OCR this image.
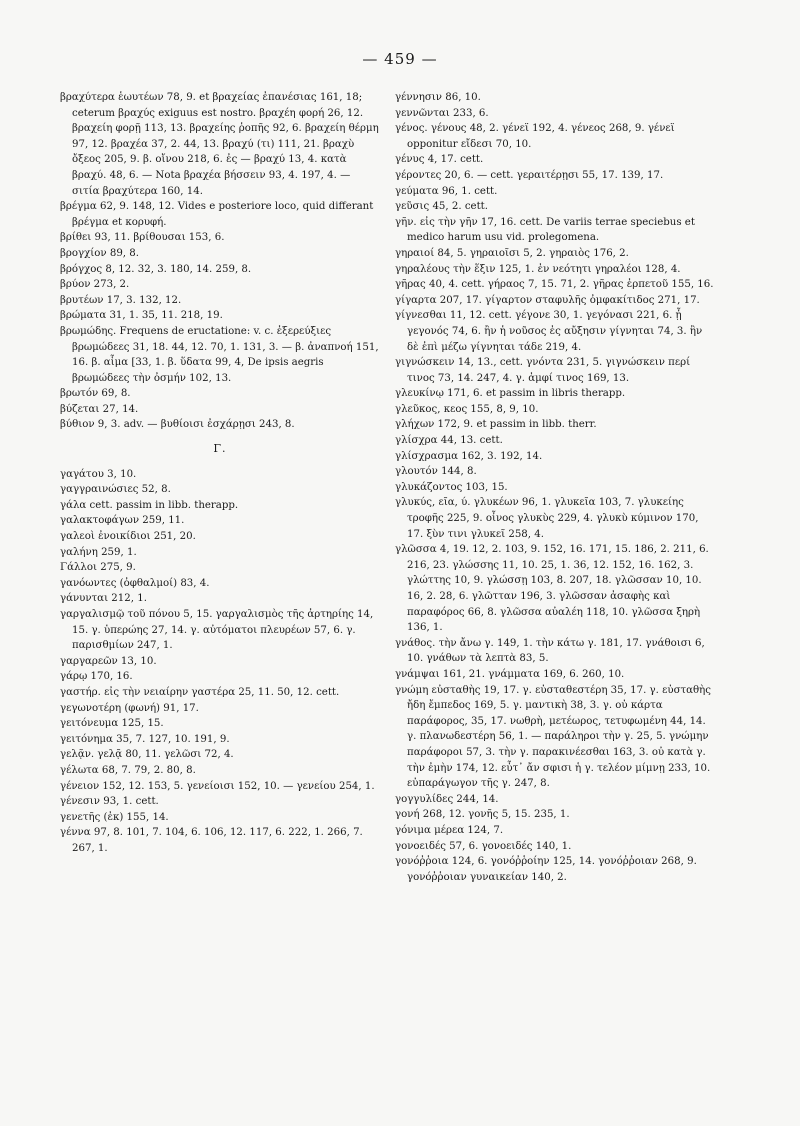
— 459 —

βραχύτερα ἑωυτέων 78, 9. et βραχείας ἐπανέσιας 161, 18; ceterum βραχύς exiguus est nostro. βραχέη φορή 26, 12. βραχείη φορῇ 113, 13. βραχείης ῥοπῆς 92, 6. βραχείη θέρμη 97, 12. βραχέα 37, 2. 44, 13. βραχύ (τι) 111, 21. βραχὺ ὄξεος 205, 9. β. οἴνου 218, 6. ἐς — βραχύ 13, 4. κατὰ βραχύ. 48, 6. — Nota βραχέα βήσσειν 93, 4. 197, 4. — σιτία βραχύτερα 160, 14.

βρέγμα 62, 9. 148, 12. Vides e posteriore loco, quid differant βρέγμα et κορυφή.

βρίθει 93, 11. βρίθουσαι 153, 6.

βρογχίον 89, 8.

βρόγχος 8, 12. 32, 3. 180, 14. 259, 8.

βρύον 273, 2.

βρυτέων 17, 3. 132, 12.

βρώματα 31, 1. 35, 11. 218, 19.

βρωμώδης. Frequens de eructatione: v. c. ἐξερεύξιες βρωμώδεες 31, 18. 44, 12. 70, 1. 131, 3. — β. ἀναπνοή 151, 16. β. αἷμα [33, 1. β. ὕδατα 99, 4, De ipsis aegris βρωμώδεες τὴν ὀσμήν 102, 13.

βρωτόν 69, 8.

βύζεται 27, 14.

βύθιον 9, 3. adv. — βυθίοισι ἐσχάρῃσι 243, 8.

Γ.

γαγάτου 3, 10.

γαγγραινώσιες 52, 8.

γάλα cett. passim in libb. therapp.

γαλακτοφάγων 259, 11.

γαλεοὶ ἐνοικίδιοι 251, 20.

γαλήνη 259, 1.

Γάλλοι 275, 9.

γανόωντες (ὀφθαλμοί) 83, 4.

γάνυνται 212, 1.

γαργαλισμῷ τοῦ πόνου 5, 15. γαργαλισμὸς τῆς ἀρτηρίης 14, 15. γ. ὑπερώης 27, 14. γ. αὐτόματοι πλευρέων 57, 6. γ. παρισθμίων 247, 1.

γαργαρεῶν 13, 10.

γάρῳ 170, 16.

γαστήρ. εἰς τὴν νειαίρην γαστέρα 25, 11. 50, 12. cett.

γεγωνοτέρη (φωνή) 91, 17.

γειτόνευμα 125, 15.

γειτόνημα 35, 7. 127, 10. 191, 9.

γελᾷν. γελᾷ 80, 11. γελῶσι 72, 4.

γέλωτα 68, 7. 79, 2. 80, 8.

γένειον 152, 12. 153, 5. γενείοισι 152, 10. — γενείου 254, 1.

γένεσιν 93, 1. cett.

γενετῆς (ἐκ) 155, 14.

γέννα 97, 8. 101, 7. 104, 6. 106, 12. 117, 6. 222, 1. 266, 7. 267, 1.

γέννησιν 86, 10.

γεννῶνται 233, 6.

γένος. γένους 48, 2. γένεϊ 192, 4. γένεος 268, 9. γένεϊ opponitur εἴδεσι 70, 10.

γένυς 4, 17. cett.

γέροντες 20, 6. — cett. γεραιτέρῃσι 55, 17. 139, 17.

γεύματα 96, 1. cett.

γεῦσις 45, 2. cett.

γῆν. εἰς τὴν γῆν 17, 16. cett. De variis terrae speciebus et medico harum usu vid. prolegomena.

γηραιοί 84, 5. γηραιοῖσι 5, 2. γηραιὸς 176, 2.

γηραλέους τὴν ἕξιν 125, 1. ἐν νεότητι γηραλέοι 128, 4.

γῆρας 40, 4. cett. γήραος 7, 15. 71, 2. γῆρας ἐρπετοῦ 155, 16.

γίγαρτα 207, 17. γίγαρτον σταφυλῆς ὀμφακίτιδος 271, 17.

γίγνεσθαι 11, 12. cett. γέγονε 30, 1. γεγόνασι 221, 6. ᾗ γεγονός 74, 6. ἢν ἡ νοῦσος ἐς αὔξησιν γίγνηται 74, 3. ἢν δὲ ἐπὶ μέζω γίγνηται τάδε 219, 4.

γιγνώσκειν 14, 13., cett. γνόντα 231, 5. γιγνώσκειν περί τινος 73, 14. 247, 4. γ. ἀμφί τινος 169, 13.

γλευκίνῳ 171, 6. et passim in libris therapp.

γλεῦκος, κεος 155, 8, 9, 10.

γλήχων 172, 9. et passim in libb. therr.

γλίσχρα 44, 13. cett.

γλίσχρασμα 162, 3. 192, 14.

γλουτόν 144, 8.

γλυκάζοντος 103, 15.

γλυκύς, εῖα, ύ. γλυκέων 96, 1. γλυκεῖα 103, 7. γλυκείης τροφῆς 225, 9. οἶνος γλυκὺς 229, 4. γλυκὺ κύμινον 170, 17. ξὺν τινι γλυκεῖ 258, 4.

γλῶσσα 4, 19. 12, 2. 103, 9. 152, 16. 171, 15. 186, 2. 211, 6. 216, 23. γλώσσης 11, 10. 25, 1. 36, 12. 152, 16. 162, 3. γλώττης 10, 9. γλώσσῃ 103, 8. 207, 18. γλῶσσαν 10, 10. 16, 2. 28, 6. γλῶτταν 196, 3. γλῶσσαν ἀσαφὴς καὶ παραφόρος 66, 8. γλῶσσα αὐαλέη 118, 10. γλῶσσα ξηρὴ 136, 1.

γνάθος. τὴν ἄνω γ. 149, 1. τὴν κάτω γ. 181, 17. γνάθοισι 6, 10. γνάθων τὰ λεπτὰ 83, 5.

γνάμψαι 161, 21. γνάμματα 169, 6. 260, 10.

γνώμη εὐσταθὴς 19, 17. γ. εὐσταθεστέρη 35, 17. γ. εὐσταθὴς ἤδη ἔμπεδος 169, 5. γ. μαντικὴ 38, 3. γ. οὐ κάρτα παράφορος, 35, 17. νωθρὴ, μετέωρος, τετυφωμένη 44, 14. γ. πλανωδεστέρη 56, 1. — παράληροι τὴν γ. 25, 5. γνώμην παράφοροι 57, 3. τὴν γ. παρακινέεσθαι 163, 3. οὐ κατὰ γ. τὴν ἐμὴν 174, 12. εὖτ᾽ ἄν σφισι ἡ γ. τελέον μίμνῃ 233, 10. εὐπαράγωγον τῆς γ. 247, 8.

γογγυλίδες 244, 14.

γονή 268, 12. γονῆς 5, 15. 235, 1.

γόνιμα μέρεα 124, 7.

γονοειδές 57, 6. γονοειδές 140, 1.

γονόῤῥοια 124, 6. γονόῤῥοίην 125, 14. γονόῤῥοιαν 268, 9. γονόῤῥοιαν γυναικείαν 140, 2.
